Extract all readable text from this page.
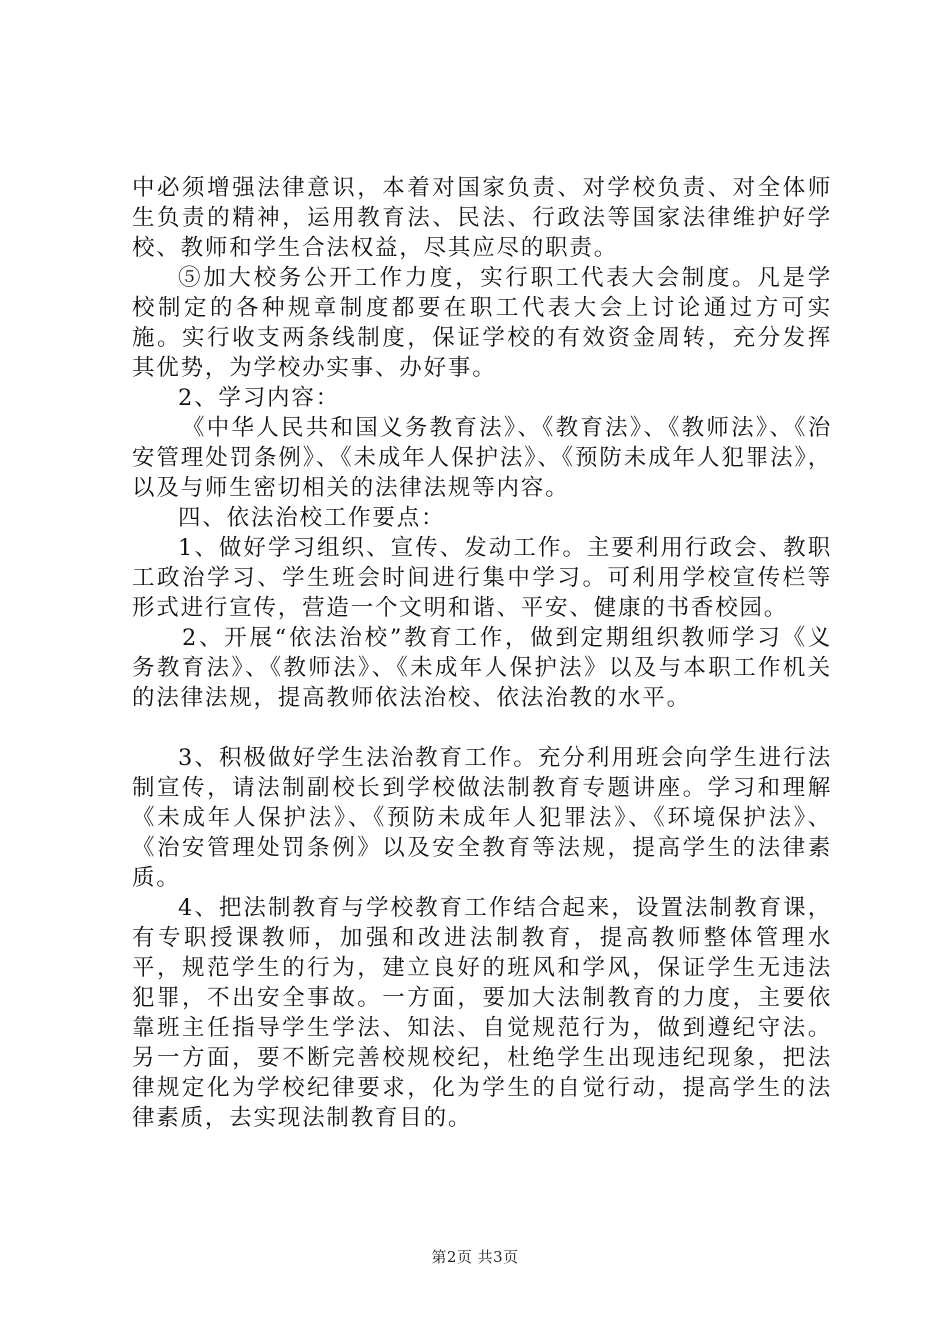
中必须增强法律意识，本着对国家负责、对学校负责、对全体师生负责的精神，运用教育法、民法、行政法等国家法律维护好学校、教师和学生合法权益，尽其应尽的职责。

⑤加大校务公开工作力度，实行职工代表大会制度。凡是学校制定的各种规章制度都要在职工代表大会上讨论通过方可实施。实行收支两条线制度，保证学校的有效资金周转，充分发挥其优势，为学校办实事、办好事。

2、学习内容：

《中华人民共和国义务教育法》、《教育法》、《教师法》、《治安管理处罚条例》、《未成年人保护法》、《预防未成年人犯罪法》，以及与师生密切相关的法律法规等内容。

四、依法治校工作要点：

1、做好学习组织、宣传、发动工作。主要利用行政会、教职工政治学习、学生班会时间进行集中学习。可利用学校宣传栏等形式进行宣传，营造一个文明和谐、平安、健康的书香校园。

2、开展“依法治校”教育工作，做到定期组织教师学习《义务教育法》、《教师法》、《未成年人保护法》以及与本职工作机关的法律法规，提高教师依法治校、依法治教的水平。

3、积极做好学生法治教育工作。充分利用班会向学生进行法制宣传，请法制副校长到学校做法制教育专题讲座。学习和理解《未成年人保护法》、《预防未成年人犯罪法》、《环境保护法》、《治安管理处罚条例》以及安全教育等法规，提高学生的法律素质。

4、把法制教育与学校教育工作结合起来，设置法制教育课，有专职授课教师，加强和改进法制教育，提高教师整体管理水平，规范学生的行为，建立良好的班风和学风，保证学生无违法犯罪，不出安全事故。一方面，要加大法制教育的力度，主要依靠班主任指导学生学法、知法、自觉规范行为，做到遵纪守法。另一方面，要不断完善校规校纪，杜绝学生出现违纪现象，把法律规定化为学校纪律要求，化为学生的自觉行动，提高学生的法律素质，去实现法制教育目的。

第2页 共3页
